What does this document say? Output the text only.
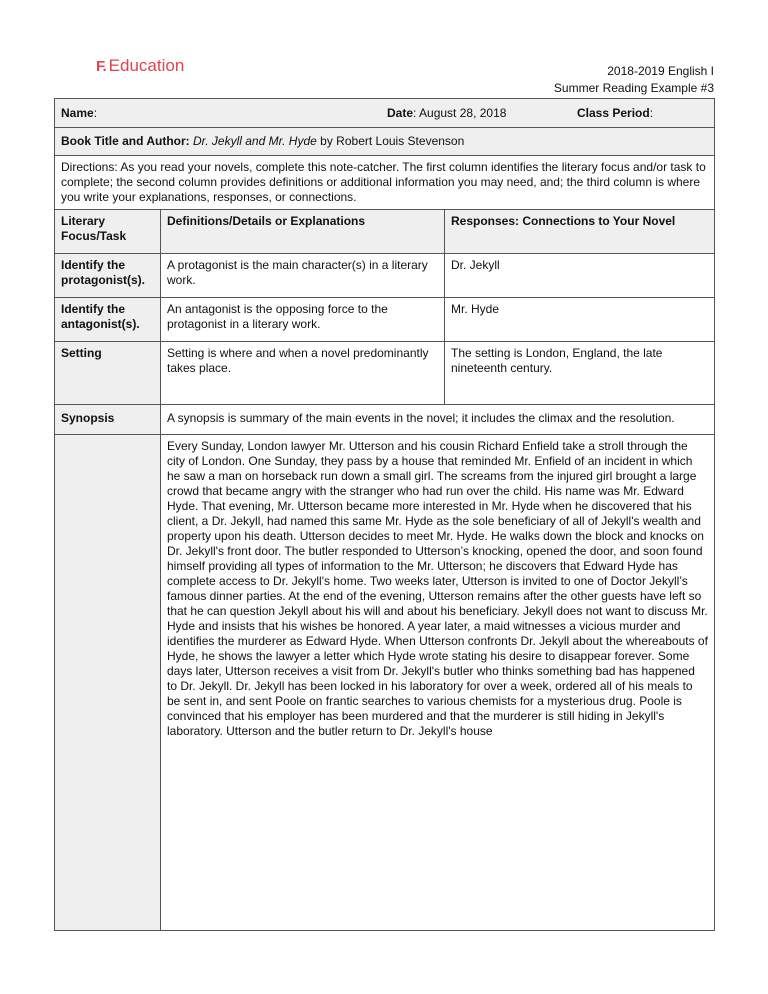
F. Education	2018-2019 English I
Summer Reading Example #3
Name: Date: August 28, 2018 Class Period:		

Book Title and Author: Dr. Jekyll and Mr. Hyde by Robert Louis Stevenson		
Directions: As you read your novels, complete this note-catcher. The first column identifies the literary focus and/or task to complete; the second column provides definitions or additional information you may need, and; the third column is where you write your explanations, responses, or connections.		
Literary Focus/Task	Definitions/Details or Explanations	Responses: Connections to Your Novel
Identify the protagonist(s).	A protagonist is the main character(s) in a literary work.	Dr. Jekyll
Identify the antagonist(s).	An antagonist is the opposing force to the protagonist in a literary work.	Mr. Hyde
Setting	Setting is where and when a novel predominantly takes place.	The setting is London, England, the late nineteenth century.
Synopsis	A synopsis is summary of the main events in the novel; it includes the climax and the resolution.	
	Every Sunday, London lawyer Mr. Utterson and his cousin Richard Enfield take a stroll through the city of London. One Sunday, they pass by a house that reminded Mr. Enfield of an incident in which he saw a man on horseback run down a small girl. The screams from the injured girl brought a large crowd that became angry with the stranger who had run over the child. His name was Mr. Edward Hyde. That evening, Mr. Utterson became more interested in Mr. Hyde when he discovered that his client, a Dr. Jekyll, had named this same Mr. Hyde as the sole beneficiary of all of Jekyll's wealth and property upon his death. Utterson decides to meet Mr. Hyde. He walks down the block and knocks on Dr. Jekyll's front door. The butler responded to Utterson’s knocking, opened the door, and soon found himself providing all types of information to the Mr. Utterson; he discovers that Edward Hyde has complete access to Dr. Jekyll's home. Two weeks later, Utterson is invited to one of Doctor Jekyll’s famous dinner parties. At the end of the evening, Utterson remains after the other guests have left so that he can question Jekyll about his will and about his beneficiary. Jekyll does not want to discuss Mr. Hyde and insists that his wishes be honored. A year later, a maid witnesses a vicious murder and identifies the murderer as Edward Hyde. When Utterson confronts Dr. Jekyll about the whereabouts of Hyde, he shows the lawyer a letter which Hyde wrote stating his desire to disappear forever. Some days later, Utterson receives a visit from Dr. Jekyll's butler who thinks something bad has happened to Dr. Jekyll. Dr. Jekyll has been locked in his laboratory for over a week, ordered all of his meals to be sent in, and sent Poole on frantic searches to various chemists for a mysterious drug. Poole is convinced that his employer has been murdered and that the murderer is still hiding in Jekyll's laboratory. Utterson and the butler return to Dr. Jekyll's house	
